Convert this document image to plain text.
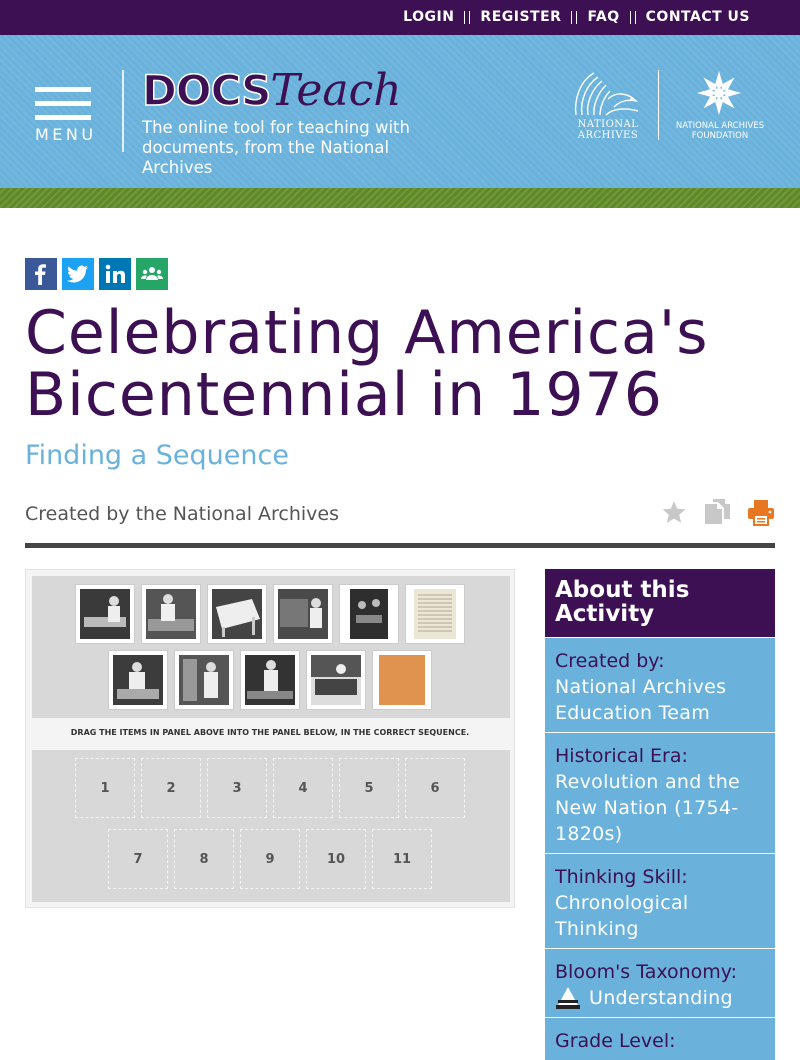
LOGIN REGISTER FAQ CONTACT US
MENU
DOCSTeach
The online tool for teaching with documents, from the National Archives
NATIONAL ARCHIVES
NATIONAL ARCHIVES FOUNDATION
Celebrating America's Bicentennial in 1976
Finding a Sequence
Created by the National Archives
DRAG THE ITEMS IN PANEL ABOVE INTO THE PANEL BELOW, IN THE CORRECT SEQUENCE.
1	2	3	4	5	6
7	8	9	10	11
About this Activity
Created by:
National Archives Education Team
Historical Era:
Revolution and the New Nation (1754-1820s)
Thinking Skill:
Chronological Thinking
Bloom's Taxonomy:
Understanding
Grade Level:
